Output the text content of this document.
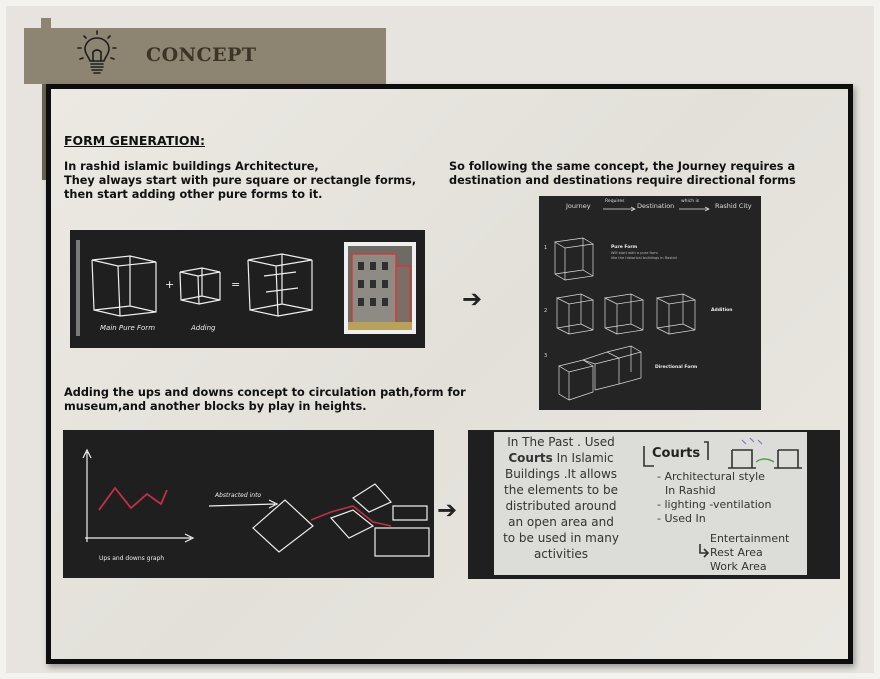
CONCEPT
FORM GENERATION:
In rashid islamic buildings Architecture,
They always start with pure square or rectangle forms,
then start adding other pure forms to it.
So following the same concept, the Journey requires a
destination and destinations require directional forms
Adding the ups and downs concept to circulation path,form for
museum,and another blocks by play in heights.
+	=
Main Pure Form	Adding
➔
Journey
Requires
Destination
which is
Rashid City
1	Pure Form
Will start with a pure form
like the historical buildings in Rashid
2	Addition
3
Directional Form
Ups and downs graph
Abstracted into
➔
In The Past . Used
Courts In Islamic
Buildings .It allows
the elements to be
distributed around
an open area and
to be used in many
activities
Courts
- Architectural style
In Rashid
- lighting -ventilation
- Used In
Entertainment
Rest Area
Work Area
